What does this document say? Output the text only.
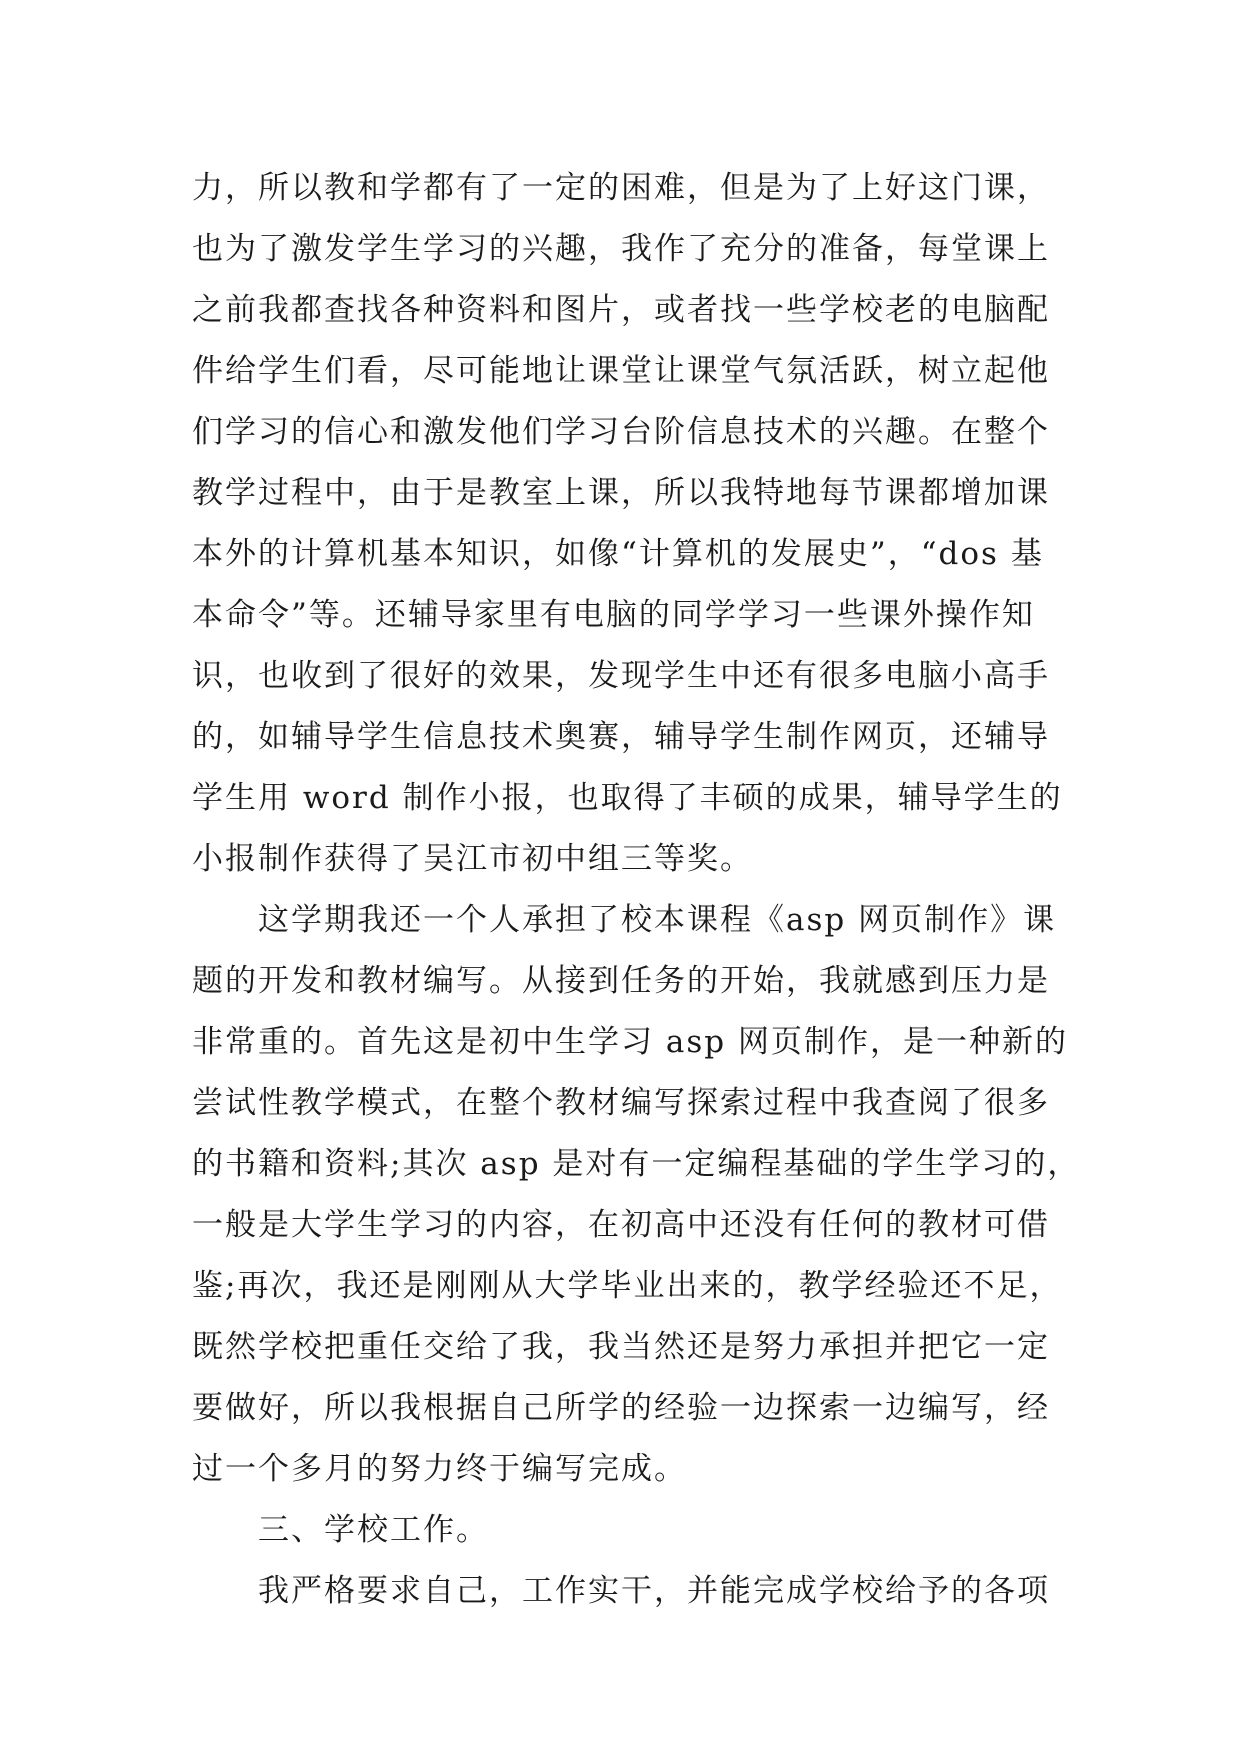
力，所以教和学都有了一定的困难，但是为了上好这门课，
也为了激发学生学习的兴趣，我作了充分的准备，每堂课上
之前我都查找各种资料和图片，或者找一些学校老的电脑配
件给学生们看，尽可能地让课堂让课堂气氛活跃，树立起他
们学习的信心和激发他们学习台阶信息技术的兴趣。在整个
教学过程中，由于是教室上课，所以我特地每节课都增加课
本外的计算机基本知识，如像“计算机的发展史”，“dos 基
本命令”等。还辅导家里有电脑的同学学习一些课外操作知
识，也收到了很好的效果，发现学生中还有很多电脑小高手
的，如辅导学生信息技术奥赛，辅导学生制作网页，还辅导
学生用 word 制作小报，也取得了丰硕的成果，辅导学生的
小报制作获得了吴江市初中组三等奖。
这学期我还一个人承担了校本课程《asp 网页制作》课
题的开发和教材编写。从接到任务的开始，我就感到压力是
非常重的。首先这是初中生学习 asp 网页制作，是一种新的
尝试性教学模式，在整个教材编写探索过程中我查阅了很多
的书籍和资料;其次 asp 是对有一定编程基础的学生学习的，
一般是大学生学习的内容，在初高中还没有任何的教材可借
鉴;再次，我还是刚刚从大学毕业出来的，教学经验还不足，
既然学校把重任交给了我，我当然还是努力承担并把它一定
要做好，所以我根据自己所学的经验一边探索一边编写，经
过一个多月的努力终于编写完成。
三、学校工作。
我严格要求自己，工作实干，并能完成学校给予的各项
